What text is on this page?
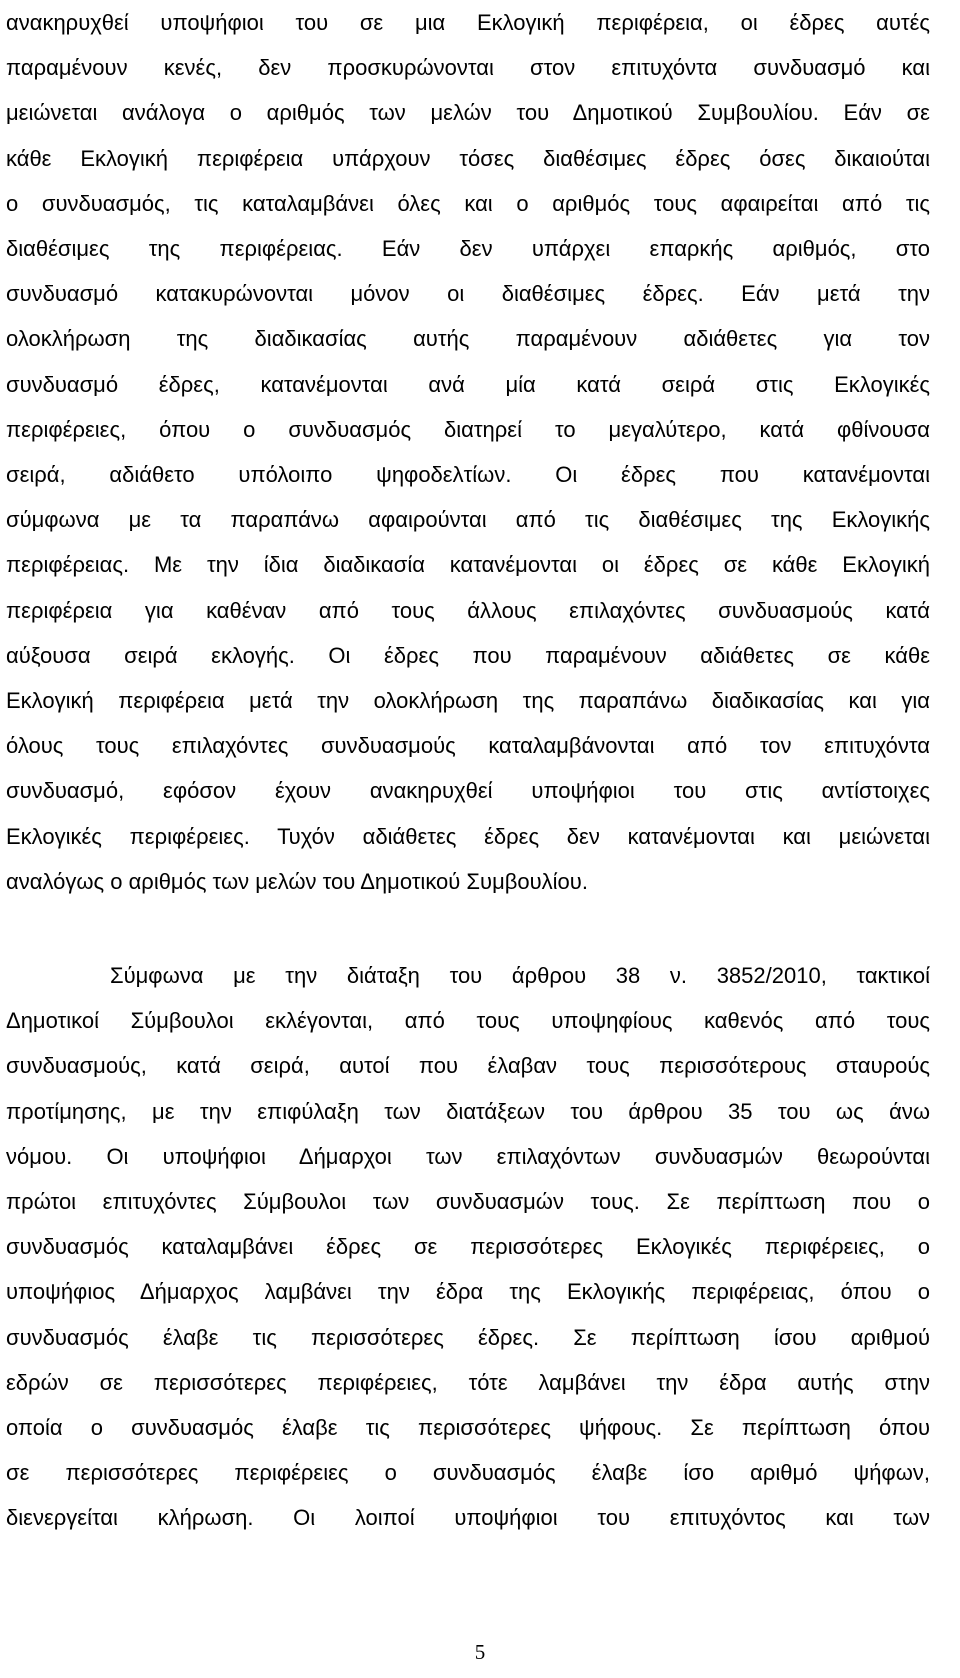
ανακηρυχθεί υποψήφιοι του σε μια Εκλογική περιφέρεια, οι έδρες αυτές
παραμένουν κενές, δεν προσκυρώνονται στον επιτυχόντα συνδυασμό και
μειώνεται ανάλογα ο αριθμός των μελών του Δημοτικού Συμβουλίου. Εάν σε
κάθε Εκλογική περιφέρεια υπάρχουν τόσες διαθέσιμες έδρες όσες δικαιούται
ο συνδυασμός, τις καταλαμβάνει όλες και ο αριθμός τους αφαιρείται από τις
διαθέσιμες της περιφέρειας. Εάν δεν υπάρχει επαρκής αριθμός, στο
συνδυασμό κατακυρώνονται μόνον οι διαθέσιμες έδρες. Εάν μετά την
ολοκλήρωση της διαδικασίας αυτής παραμένουν αδιάθετες για τον
συνδυασμό έδρες, κατανέμονται ανά μία κατά σειρά στις Εκλογικές
περιφέρειες, όπου ο συνδυασμός διατηρεί το μεγαλύτερο, κατά φθίνουσα
σειρά, αδιάθετο υπόλοιπο ψηφοδελτίων. Οι έδρες που κατανέμονται
σύμφωνα με τα παραπάνω αφαιρούνται από τις διαθέσιμες της Εκλογικής
περιφέρειας. Με την ίδια διαδικασία κατανέμονται οι έδρες σε κάθε Εκλογική
περιφέρεια για καθέναν από τους άλλους επιλαχόντες συνδυασμούς κατά
αύξουσα σειρά εκλογής. Οι έδρες που παραμένουν αδιάθετες σε κάθε
Εκλογική περιφέρεια μετά την ολοκλήρωση της παραπάνω διαδικασίας και για
όλους τους επιλαχόντες συνδυασμούς καταλαμβάνονται από τον επιτυχόντα
συνδυασμό, εφόσον έχουν ανακηρυχθεί υποψήφιοι του στις αντίστοιχες
Εκλογικές περιφέρειες. Τυχόν αδιάθετες έδρες δεν κατανέμονται και μειώνεται
αναλόγως ο αριθμός των μελών του Δημοτικού Συμβουλίου.
Σύμφωνα με την διάταξη του άρθρου 38 ν. 3852/2010, τακτικοί
Δημοτικοί Σύμβουλοι εκλέγονται, από τους υποψηφίους καθενός από τους
συνδυασμούς, κατά σειρά, αυτοί που έλαβαν τους περισσότερους σταυρούς
προτίμησης, με την επιφύλαξη των διατάξεων του άρθρου 35 του ως άνω
νόμου. Οι υποψήφιοι Δήμαρχοι των επιλαχόντων συνδυασμών θεωρούνται
πρώτοι επιτυχόντες Σύμβουλοι των συνδυασμών τους. Σε περίπτωση που ο
συνδυασμός καταλαμβάνει έδρες σε περισσότερες Εκλογικές περιφέρειες, ο
υποψήφιος Δήμαρχος λαμβάνει την έδρα της Εκλογικής περιφέρειας, όπου ο
συνδυασμός έλαβε τις περισσότερες έδρες. Σε περίπτωση ίσου αριθμού
εδρών σε περισσότερες περιφέρειες, τότε λαμβάνει την έδρα αυτής στην
οποία ο συνδυασμός έλαβε τις περισσότερες ψήφους. Σε περίπτωση όπου
σε περισσότερες περιφέρειες ο συνδυασμός έλαβε ίσο αριθμό ψήφων,
διενεργείται κλήρωση. Οι λοιποί υποψήφιοι του επιτυχόντος και των
5
